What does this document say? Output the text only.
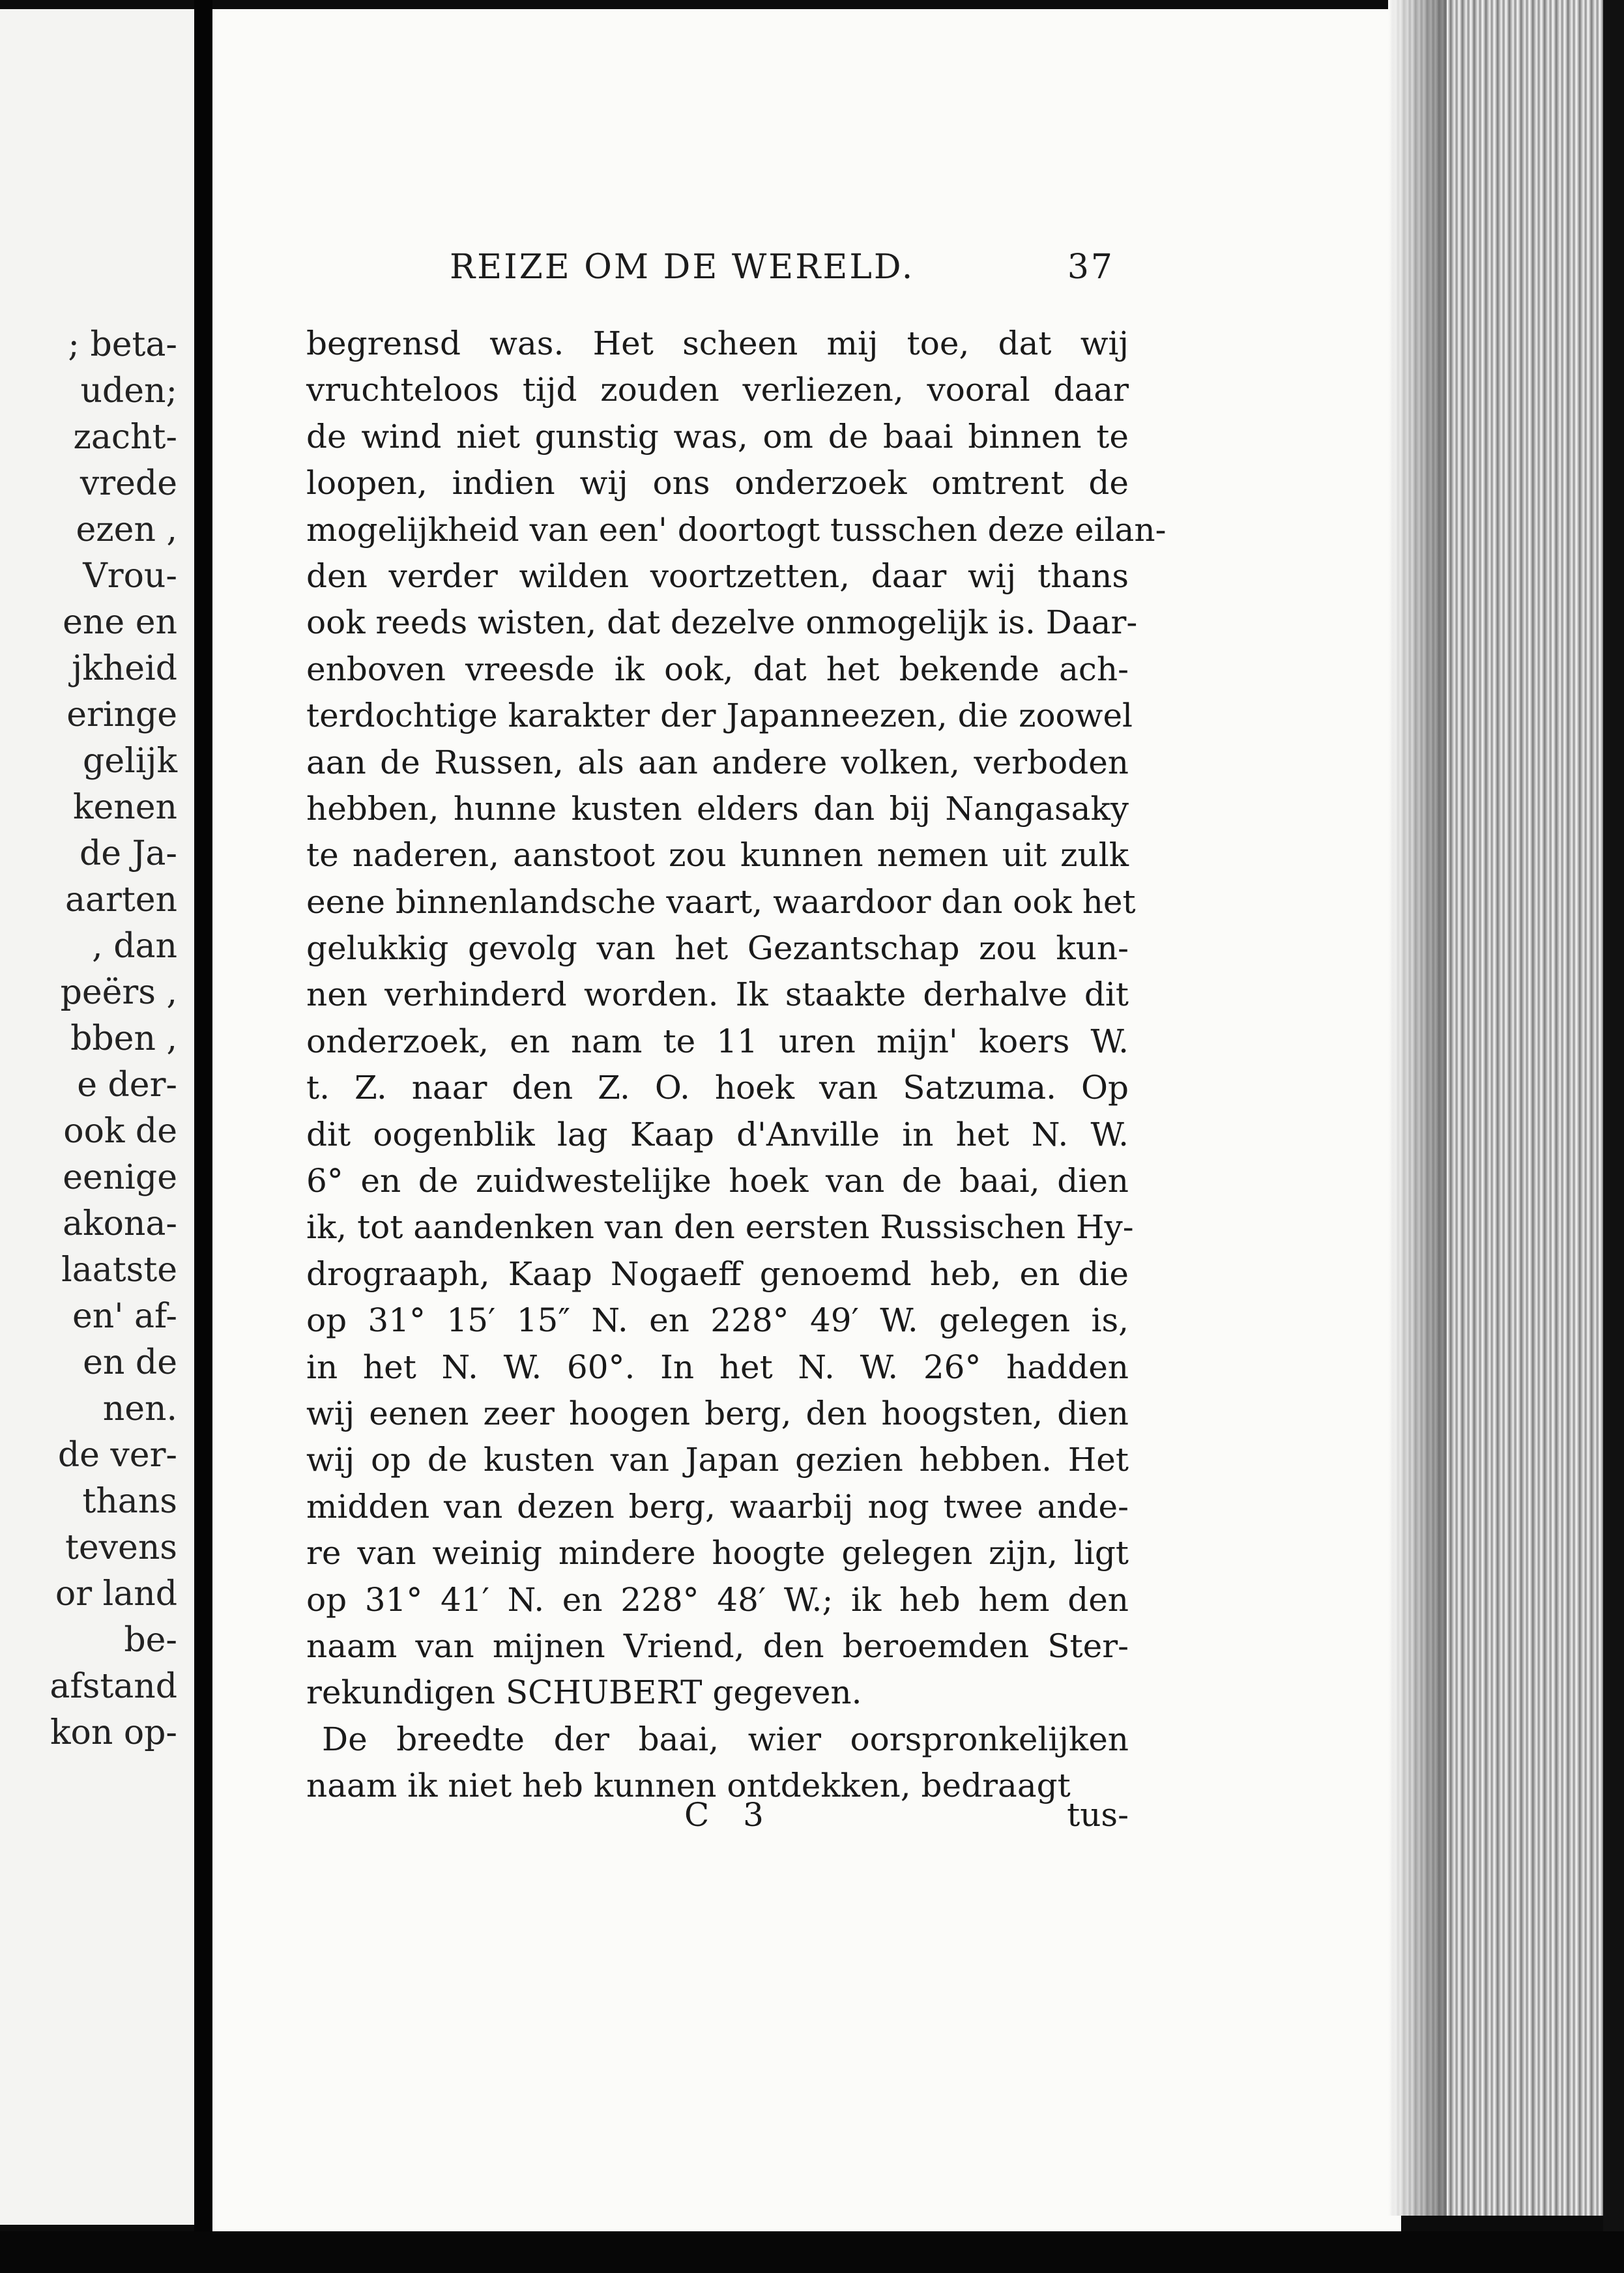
; beta-
uden;
zacht-
vrede
ezen ,
Vrou-
ene en
jkheid
eringe
gelijk
kenen
de Ja-
aarten
, dan
peërs ,
bben ,
e der-
ook de
eenige
akona-
laatste
en' af-
en de
nen.
de ver-
thans
tevens
or land
be-
afstand
kon op-
REIZE OM DE WERELD.	37
begrensd was. Het scheen mij toe, dat wij
vruchteloos tijd zouden verliezen, vooral daar
de wind niet gunstig was, om de baai binnen te
loopen, indien wij ons onderzoek omtrent de
mogelijkheid van een' doortogt tusschen deze eilan-
den verder wilden voortzetten, daar wij thans
ook reeds wisten, dat dezelve onmogelijk is. Daar-
enboven vreesde ik ook, dat het bekende ach-
terdochtige karakter der Japanneezen, die zoowel
aan de Russen, als aan andere volken, verboden
hebben, hunne kusten elders dan bij Nangasaky
te naderen, aanstoot zou kunnen nemen uit zulk
eene binnenlandsche vaart, waardoor dan ook het
gelukkig gevolg van het Gezantschap zou kun-
nen verhinderd worden. Ik staakte derhalve dit
onderzoek, en nam te 11 uren mijn' koers W.
t. Z. naar den Z. O. hoek van Satzuma. Op
dit oogenblik lag Kaap d'Anville in het N. W.
6° en de zuidwestelijke hoek van de baai, dien
ik, tot aandenken van den eersten Russischen Hy-
drograaph, Kaap Nogaeff genoemd heb, en die
op 31° 15′ 15″ N. en 228° 49′ W. gelegen is,
in het N. W. 60°. In het N. W. 26° hadden
wij eenen zeer hoogen berg, den hoogsten, dien
wij op de kusten van Japan gezien hebben. Het
midden van dezen berg, waarbij nog twee ande-
re van weinig mindere hoogte gelegen zijn, ligt
op 31° 41′ N. en 228° 48′ W.; ik heb hem den
naam van mijnen Vriend, den beroemden Ster-
rekundigen SCHUBERT gegeven.
De breedte der baai, wier oorspronkelijken
naam ik niet heb kunnen ontdekken, bedraagt
C 3	tus-
